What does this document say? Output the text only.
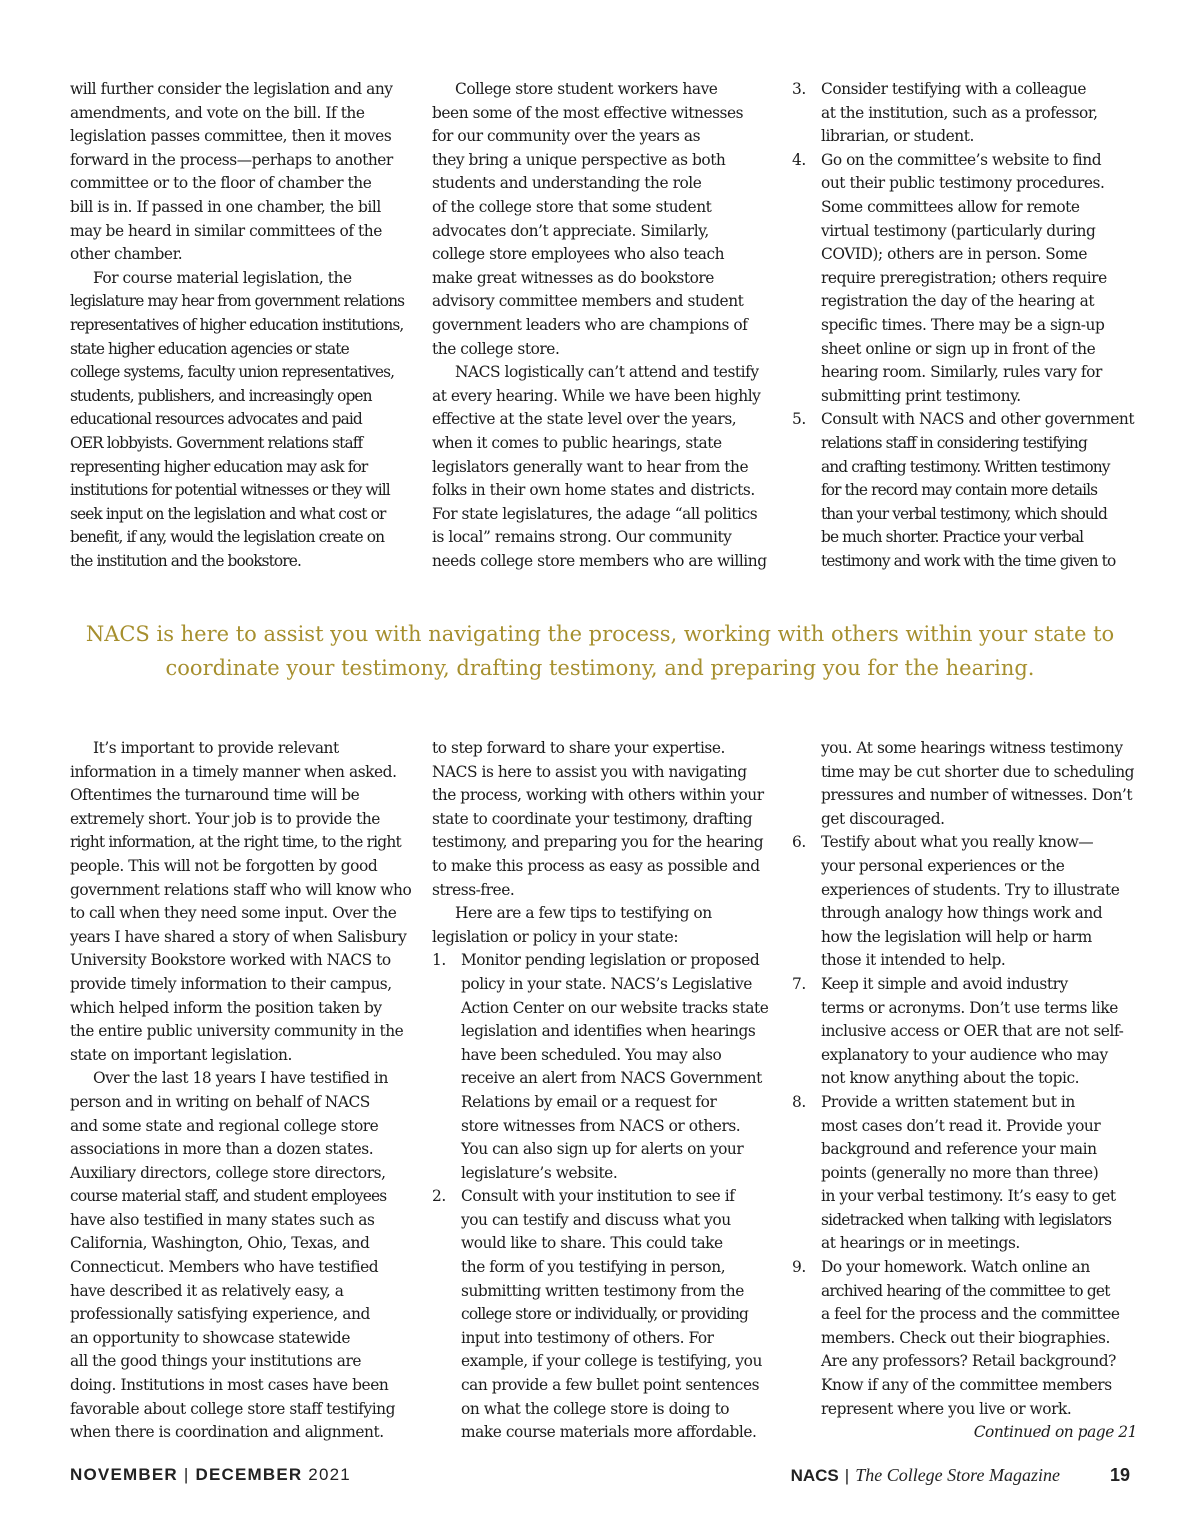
will further consider the legislation and any

amendments, and vote on the bill. If the

legislation passes committee, then it moves

forward in the process—perhaps to another

committee or to the floor of chamber the

bill is in. If passed in one chamber, the bill

may be heard in similar committees of the

other chamber.

For course material legislation, the

legislature may hear from government relations

representatives of higher education institutions,

state higher education agencies or state

college systems, faculty union representatives,

students, publishers, and increasingly open

educational resources advocates and paid

OER lobbyists. Government relations staff

representing higher education may ask for

institutions for potential witnesses or they will

seek input on the legislation and what cost or

benefit, if any, would the legislation create on

the institution and the bookstore.

College store student workers have

been some of the most effective witnesses

for our community over the years as

they bring a unique perspective as both

students and understanding the role

of the college store that some student

advocates don’t appreciate. Similarly,

college store employees who also teach

make great witnesses as do bookstore

advisory committee members and student

government leaders who are champions of

the college store.

NACS logistically can’t attend and testify

at every hearing. While we have been highly

effective at the state level over the years,

when it comes to public hearings, state

legislators generally want to hear from the

folks in their own home states and districts.

For state legislatures, the adage “all politics

is local” remains strong. Our community

needs college store members who are willing

3. Consider testifying with a colleague

at the institution, such as a professor,

librarian, or student.

4. Go on the committee’s website to find

out their public testimony procedures.

Some committees allow for remote

virtual testimony (particularly during

COVID); others are in person. Some

require preregistration; others require

registration the day of the hearing at

specific times. There may be a sign-up

sheet online or sign up in front of the

hearing room. Similarly, rules vary for

submitting print testimony.

5. Consult with NACS and other government

relations staff in considering testifying

and crafting testimony. Written testimony

for the record may contain more details

than your verbal testimony, which should

be much shorter. Practice your verbal

testimony and work with the time given to

NACS is here to assist you with navigating the process, working with others within your state to

coordinate your testimony, drafting testimony, and preparing you for the hearing.

It’s important to provide relevant

information in a timely manner when asked.

Oftentimes the turnaround time will be

extremely short. Your job is to provide the

right information, at the right time, to the right

people. This will not be forgotten by good

government relations staff who will know who

to call when they need some input. Over the

years I have shared a story of when Salisbury

University Bookstore worked with NACS to

provide timely information to their campus,

which helped inform the position taken by

the entire public university community in the

state on important legislation.

Over the last 18 years I have testified in

person and in writing on behalf of NACS

and some state and regional college store

associations in more than a dozen states.

Auxiliary directors, college store directors,

course material staff, and student employees

have also testified in many states such as

California, Washington, Ohio, Texas, and

Connecticut. Members who have testified

have described it as relatively easy, a

professionally satisfying experience, and

an opportunity to showcase statewide

all the good things your institutions are

doing. Institutions in most cases have been

favorable about college store staff testifying

when there is coordination and alignment.

to step forward to share your expertise.

NACS is here to assist you with navigating

the process, working with others within your

state to coordinate your testimony, drafting

testimony, and preparing you for the hearing

to make this process as easy as possible and

stress-free.

Here are a few tips to testifying on

legislation or policy in your state:

1. Monitor pending legislation or proposed

policy in your state. NACS’s Legislative

Action Center on our website tracks state

legislation and identifies when hearings

have been scheduled. You may also

receive an alert from NACS Government

Relations by email or a request for

store witnesses from NACS or others.

You can also sign up for alerts on your

legislature’s website.

2. Consult with your institution to see if

you can testify and discuss what you

would like to share. This could take

the form of you testifying in person,

submitting written testimony from the

college store or individually, or providing

input into testimony of others. For

example, if your college is testifying, you

can provide a few bullet point sentences

on what the college store is doing to

make course materials more affordable.

you. At some hearings witness testimony

time may be cut shorter due to scheduling

pressures and number of witnesses. Don’t

get discouraged.

6. Testify about what you really know—

your personal experiences or the

experiences of students. Try to illustrate

through analogy how things work and

how the legislation will help or harm

those it intended to help.

7. Keep it simple and avoid industry

terms or acronyms. Don’t use terms like

inclusive access or OER that are not self-

explanatory to your audience who may

not know anything about the topic.

8. Provide a written statement but in

most cases don’t read it. Provide your

background and reference your main

points (generally no more than three)

in your verbal testimony. It’s easy to get

sidetracked when talking with legislators

at hearings or in meetings.

9. Do your homework. Watch online an

archived hearing of the committee to get

a feel for the process and the committee

members. Check out their biographies.

Are any professors? Retail background?

Know if any of the committee members

represent where you live or work.

Continued on page 21

NOVEMBER | DECEMBER 2021	NACS | The College Store Magazine	19
